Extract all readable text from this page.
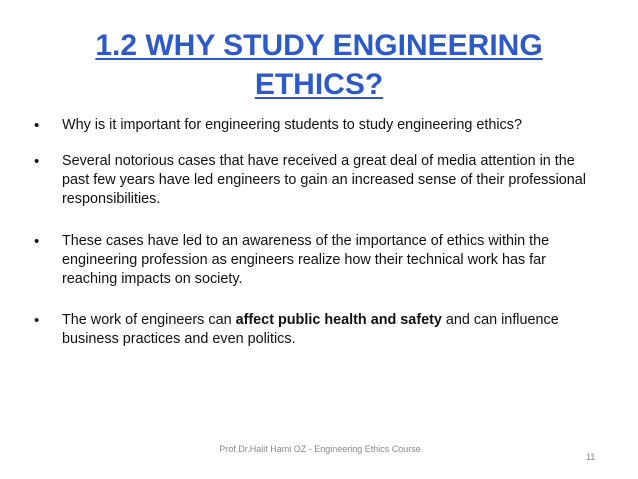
1.2 WHY STUDY ENGINEERING
ETHICS?
• Why is it important for engineering students to study engineering ethics?
• Several notorious cases that have received a great deal of media attention in the past few years have led engineers to gain an increased sense of their professional responsibilities.
• These cases have led to an awareness of the importance of ethics within the engineering profession as engineers realize how their technical work has far reaching impacts on society.
• The work of engineers can affect public health and safety and can influence business practices and even politics.
Prof.Dr.Halit Hami OZ - Engineering Ethics Course
11
